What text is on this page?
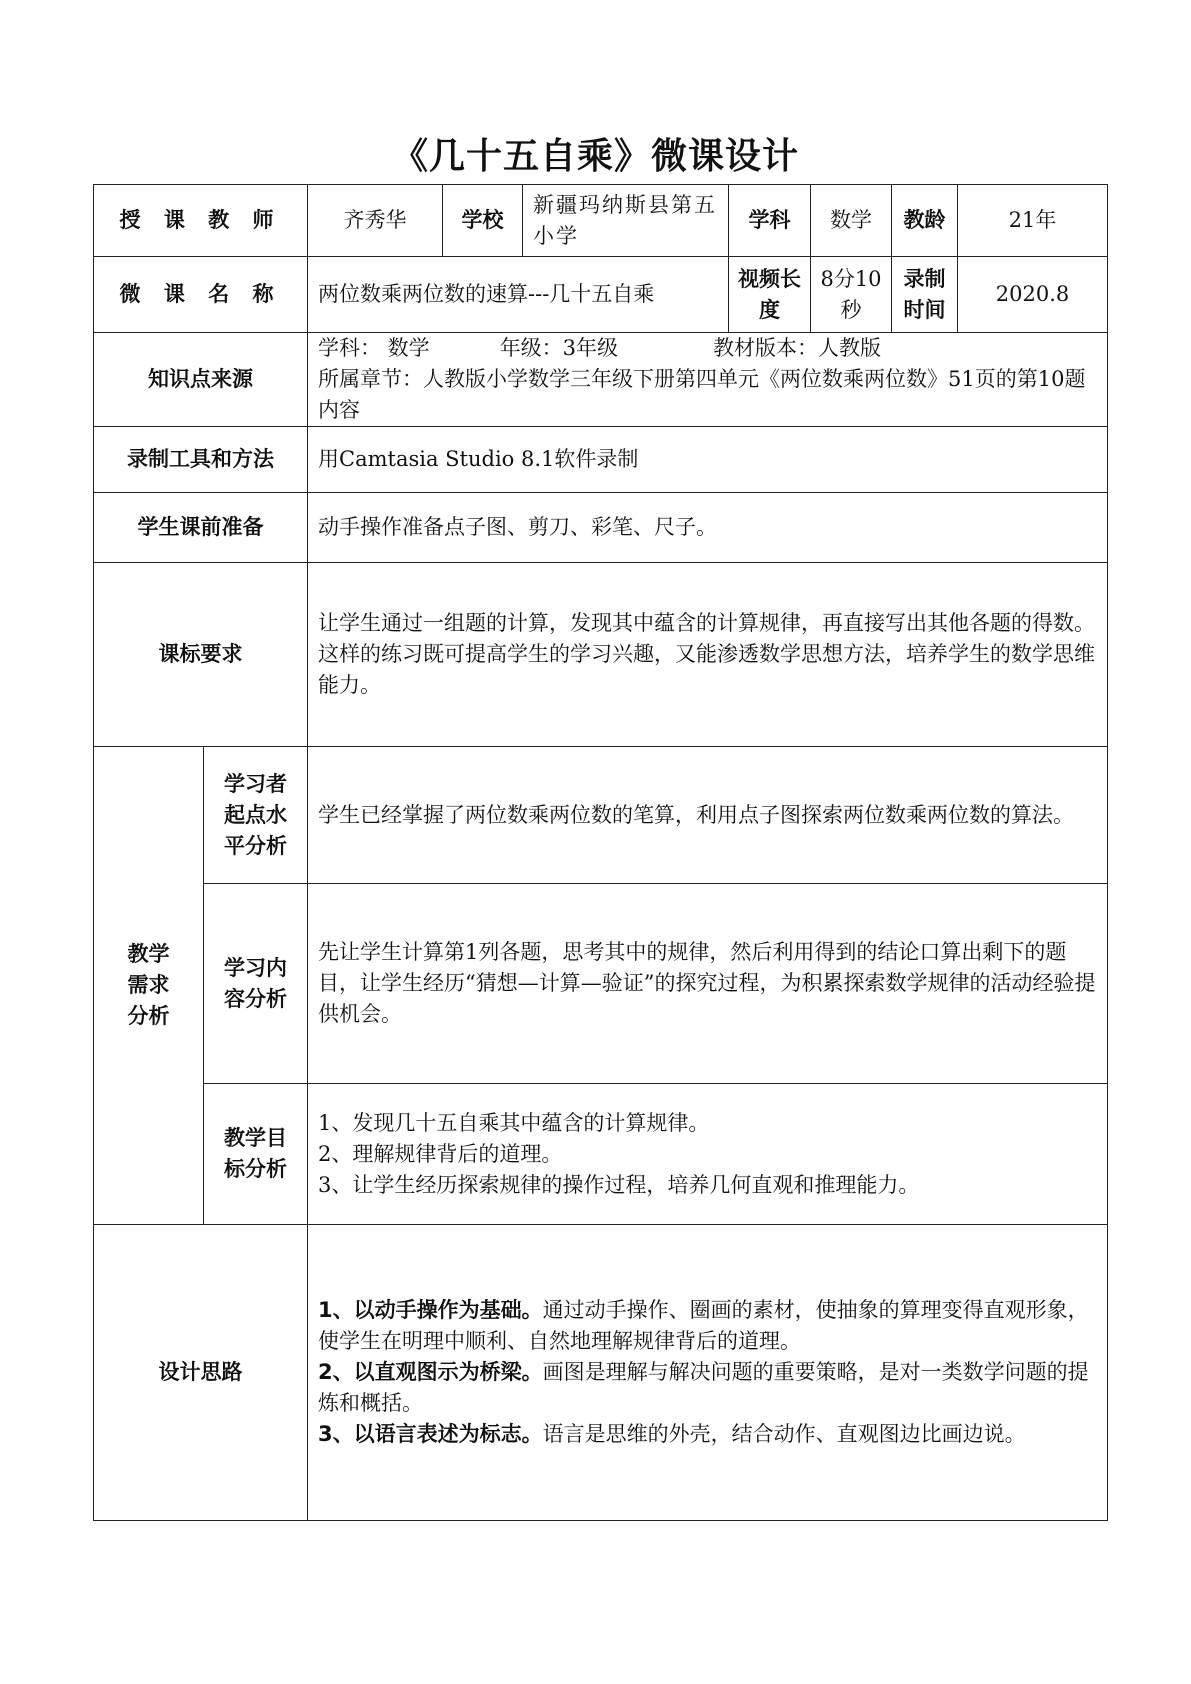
《几十五自乘》微课设计
授 课 教 师		齐秀华	学校	新疆玛纳斯县第五小学	学科	数学	教龄	21年
微 课 名 称		两位数乘两位数的速算---几十五自乘			视频长度	8分10秒	录制时间	2020.8
知识点来源		学科： 数学 年级：3年级 教材版本：人教版
所属章节：人教版小学数学三年级下册第四单元《两位数乘两位数》51页的第10题内容						

录制工具和方法		用Camtasia Studio 8.1软件录制						
学生课前准备		动手操作准备点子图、剪刀、彩笔、尺子。						
课标要求		让学生通过一组题的计算，发现其中蕴含的计算规律，再直接写出其他各题的得数。这样的练习既可提高学生的学习兴趣，又能渗透数学思想方法，培养学生的数学思维能力。						

教学需求分析	学习者起点水平分析	学生已经掌握了两位数乘两位数的笔算，利用点子图探索两位数乘两位数的算法。						

	学习内容分析	先让学生计算第1列各题，思考其中的规律，然后利用得到的结论口算出剩下的题目，让学生经历“猜想—计算—验证”的探究过程，为积累探索数学规律的活动经验提供机会。						

	教学目标分析	1、发现几十五自乘其中蕴含的计算规律。
2、理解规律背后的道理。
3、让学生经历探索规律的操作过程，培养几何直观和推理能力。						

设计思路		1、以动手操作为基础。通过动手操作、圈画的素材，使抽象的算理变得直观形象，使学生在明理中顺利、自然地理解规律背后的道理。
2、以直观图示为桥梁。画图是理解与解决问题的重要策略，是对一类数学问题的提炼和概括。
3、以语言表述为标志。语言是思维的外壳，结合动作、直观图边比画边说。						
